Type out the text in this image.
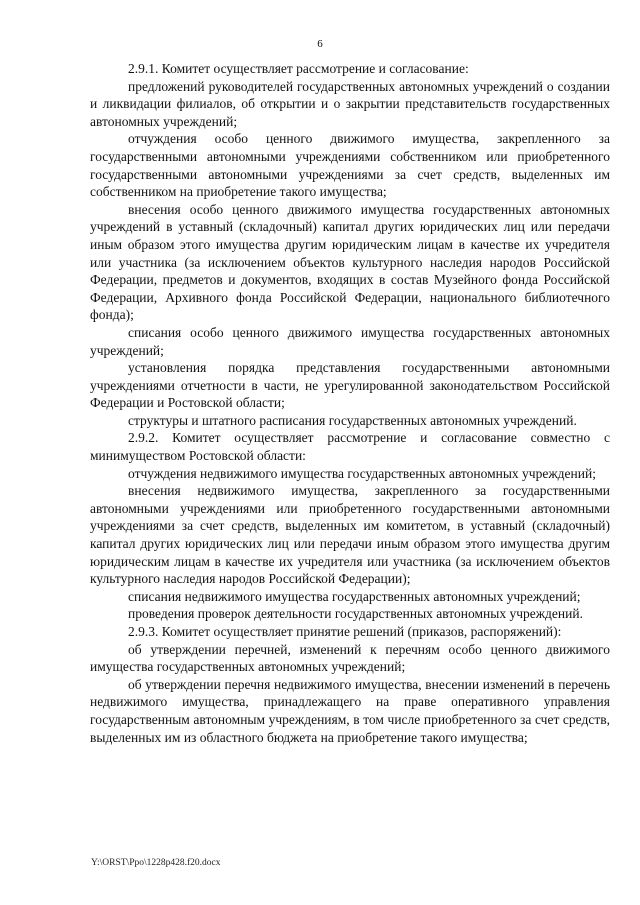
6

2.9.1. Комитет осуществляет рассмотрение и согласование:

предложений руководителей государственных автономных учреждений о создании и ликвидации филиалов, об открытии и о закрытии представительств государственных автономных учреждений;

отчуждения особо ценного движимого имущества, закрепленного за государственными автономными учреждениями собственником или приобретенного государственными автономными учреждениями за счет средств, выделенных им собственником на приобретение такого имущества;

внесения особо ценного движимого имущества государственных автономных учреждений в уставный (складочный) капитал других юридических лиц или передачи иным образом этого имущества другим юридическим лицам в качестве их учредителя или участника (за исключением объектов культурного наследия народов Российской Федерации, предметов и документов, входящих в состав Музейного фонда Российской Федерации, Архивного фонда Российской Федерации, национального библиотечного фонда);

списания особо ценного движимого имущества государственных автономных учреждений;

установления порядка представления государственными автономными учреждениями отчетности в части, не урегулированной законодательством Российской Федерации и Ростовской области;

структуры и штатного расписания государственных автономных учреждений.

2.9.2. Комитет осуществляет рассмотрение и согласование совместно с минимуществом Ростовской области:

отчуждения недвижимого имущества государственных автономных учреждений;

внесения недвижимого имущества, закрепленного за государственными автономными учреждениями или приобретенного государственными автономными учреждениями за счет средств, выделенных им комитетом, в уставный (складочный) капитал других юридических лиц или передачи иным образом этого имущества другим юридическим лицам в качестве их учредителя или участника (за исключением объектов культурного наследия народов Российской Федерации);

списания недвижимого имущества государственных автономных учреждений;

проведения проверок деятельности государственных автономных учреждений.

2.9.3. Комитет осуществляет принятие решений (приказов, распоряжений):

об утверждении перечней, изменений к перечням особо ценного движимого имущества государственных автономных учреждений;

об утверждении перечня недвижимого имущества, внесении изменений в перечень недвижимого имущества, принадлежащего на праве оперативного управления государственным автономным учреждениям, в том числе приобретенного за счет средств, выделенных им из областного бюджета на приобретение такого имущества;

Y:\ORST\Ppo\1228p428.f20.docx
